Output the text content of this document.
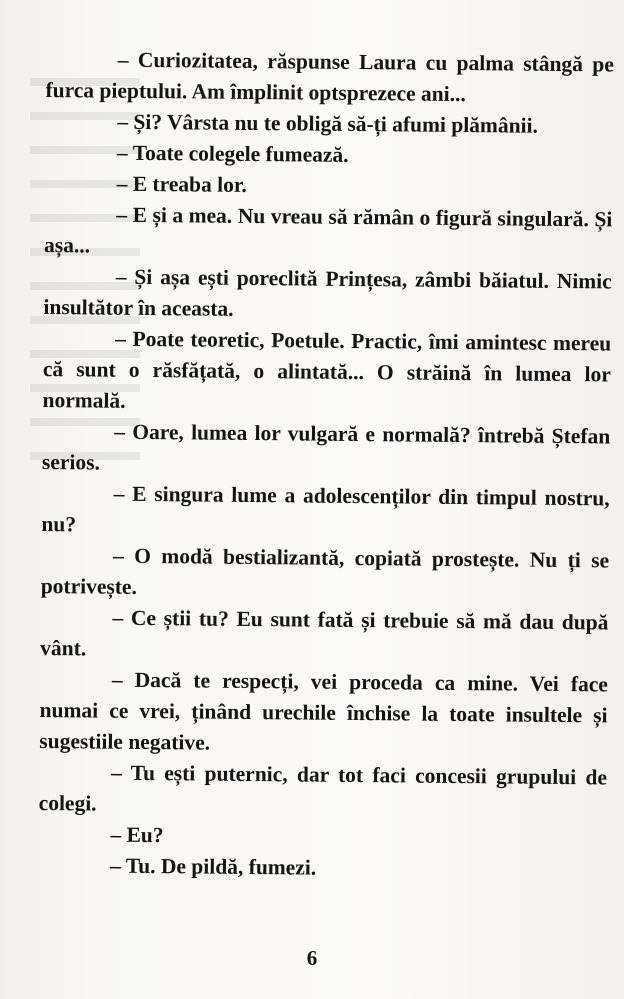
– Curiozitatea, răspunse Laura cu palma stângă pe furca pieptului. Am împlinit optsprezece ani...

– Și? Vârsta nu te obligă să-ți afumi plămânii.

– Toate colegele fumează.

– E treaba lor.

– E și a mea. Nu vreau să rămân o figură singulară. Și așa...

– Și așa ești poreclită Prințesa, zâmbi băiatul. Nimic insultător în aceasta.

– Poate teoretic, Poetule. Practic, îmi amintesc mereu că sunt o răsfățată, o alintată... O străină în lumea lor normală.

– Oare, lumea lor vulgară e normală? întrebă Ștefan serios.

– E singura lume a adolescenților din timpul nostru, nu?

– O modă bestializantă, copiată prostește. Nu ți se potrivește.

– Ce știi tu? Eu sunt fată și trebuie să mă dau după vânt.

– Dacă te respecți, vei proceda ca mine. Vei face numai ce vrei, ținând urechile închise la toate insultele și sugestiile negative.

– Tu ești puternic, dar tot faci concesii grupului de colegi.

– Eu?

– Tu. De pildă, fumezi.

6
